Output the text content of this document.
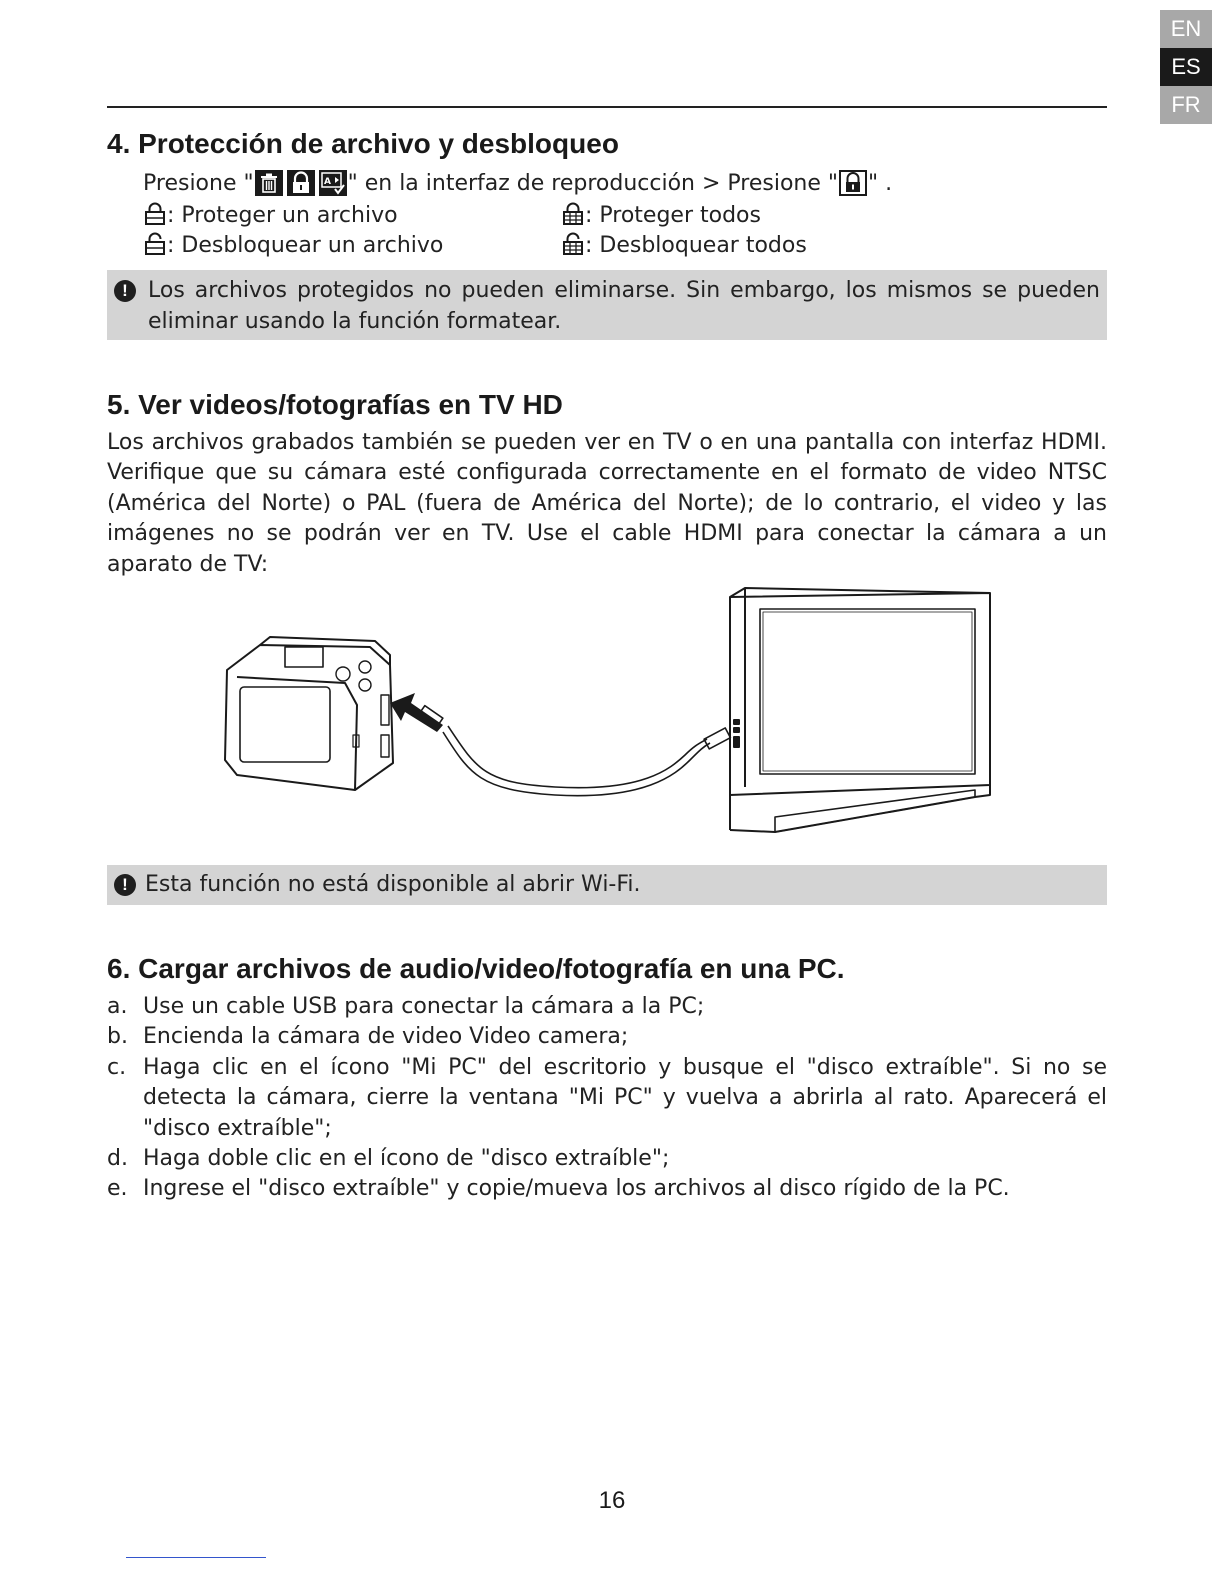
EN
ES
FR
4. Protección de archivo y desbloqueo
Presione "	A " en la interfaz de reproducción > Presione " " .
: Proteger un archivo	: Proteger todos
: Desbloquear un archivo	: Desbloquear todos
! Los archivos protegidos no pueden eliminarse. Sin embargo, los mismos se pueden eliminar usando la función formatear.
5. Ver videos/fotografías en TV HD

Los archivos grabados también se pueden ver en TV o en una pantalla con interfaz HDMI. Verifique que su cámara esté configurada correctamente en el formato de video NTSC (América del Norte) o PAL (fuera de América del Norte); de lo contrario, el video y las imágenes no se podrán ver en TV. Use el cable HDMI para conectar la cámara a un aparato de TV:

! Esta función no está disponible al abrir Wi-Fi.
6. Cargar archivos de audio/video/fotografía en una PC.
a. Use un cable USB para conectar la cámara a la PC;
b. Encienda la cámara de video Video camera;
c. Haga clic en el ícono "Mi PC" del escritorio y busque el "disco extraíble". Si no se detecta la cámara, cierre la ventana "Mi PC" y vuelva a abrirla al rato. Aparecerá el "disco extraíble";
d. Haga doble clic en el ícono de "disco extraíble";
e. Ingrese el "disco extraíble" y copie/mueva los archivos al disco rígido de la PC.
16
